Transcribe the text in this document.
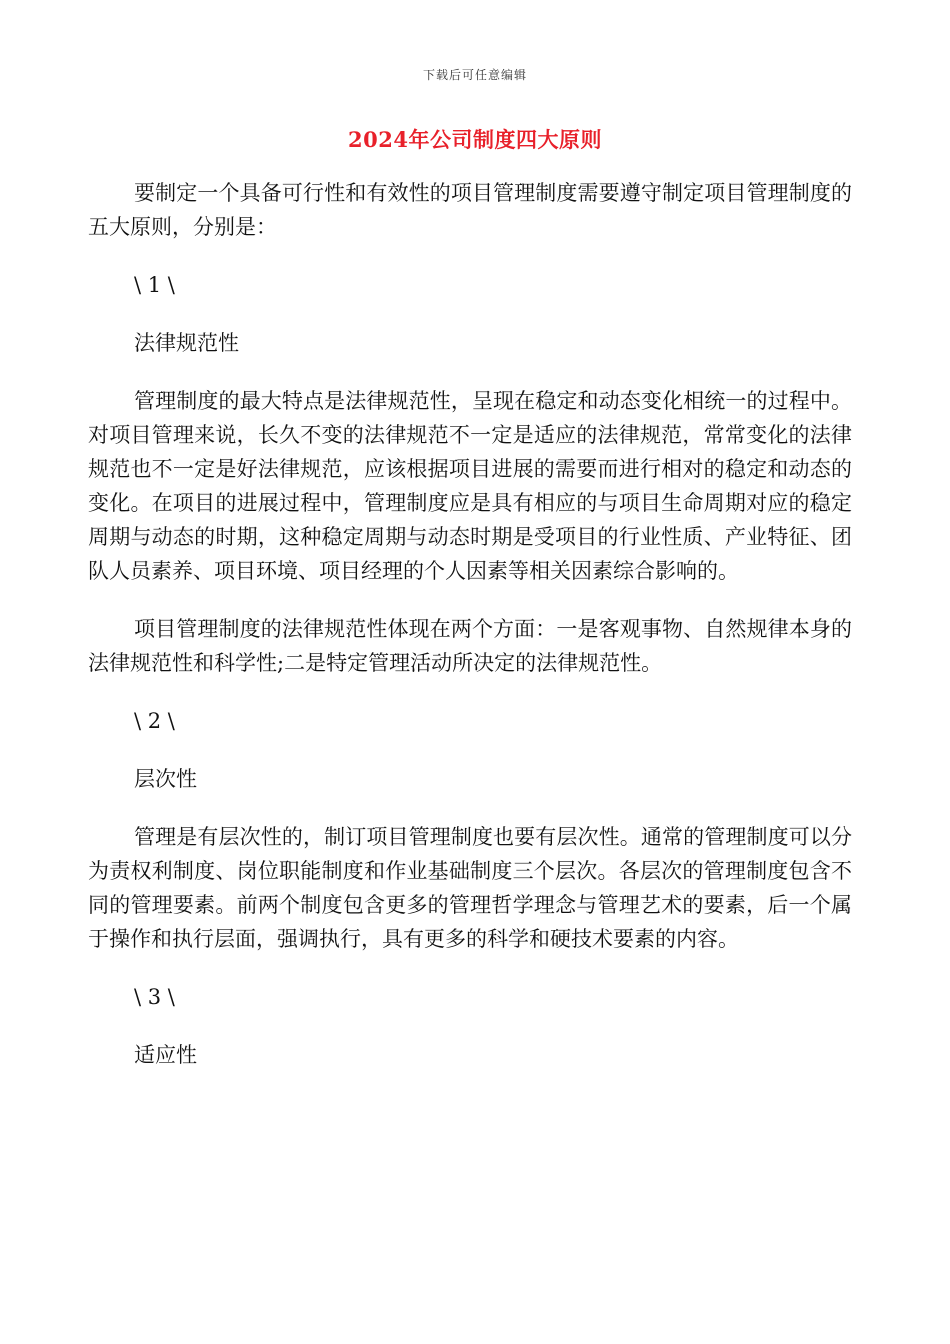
下载后可任意编辑
2024年公司制度四大原则

要制定一个具备可行性和有效性的项目管理制度需要遵守制定项目管理制度的五大原则，分别是：

\ 1 \
法律规范性

管理制度的最大特点是法律规范性，呈现在稳定和动态变化相统一的过程中。对项目管理来说，长久不变的法律规范不一定是适应的法律规范，常常变化的法律规范也不一定是好法律规范，应该根据项目进展的需要而进行相对的稳定和动态的变化。在项目的进展过程中，管理制度应是具有相应的与项目生命周期对应的稳定周期与动态的时期，这种稳定周期与动态时期是受项目的行业性质、产业特征、团队人员素养、项目环境、项目经理的个人因素等相关因素综合影响的。

项目管理制度的法律规范性体现在两个方面：一是客观事物、自然规律本身的法律规范性和科学性;二是特定管理活动所决定的法律规范性。

\ 2 \
层次性

管理是有层次性的，制订项目管理制度也要有层次性。通常的管理制度可以分为责权利制度、岗位职能制度和作业基础制度三个层次。各层次的管理制度包含不同的管理要素。前两个制度包含更多的管理哲学理念与管理艺术的要素，后一个属于操作和执行层面，强调执行，具有更多的科学和硬技术要素的内容。

\ 3 \
适应性
